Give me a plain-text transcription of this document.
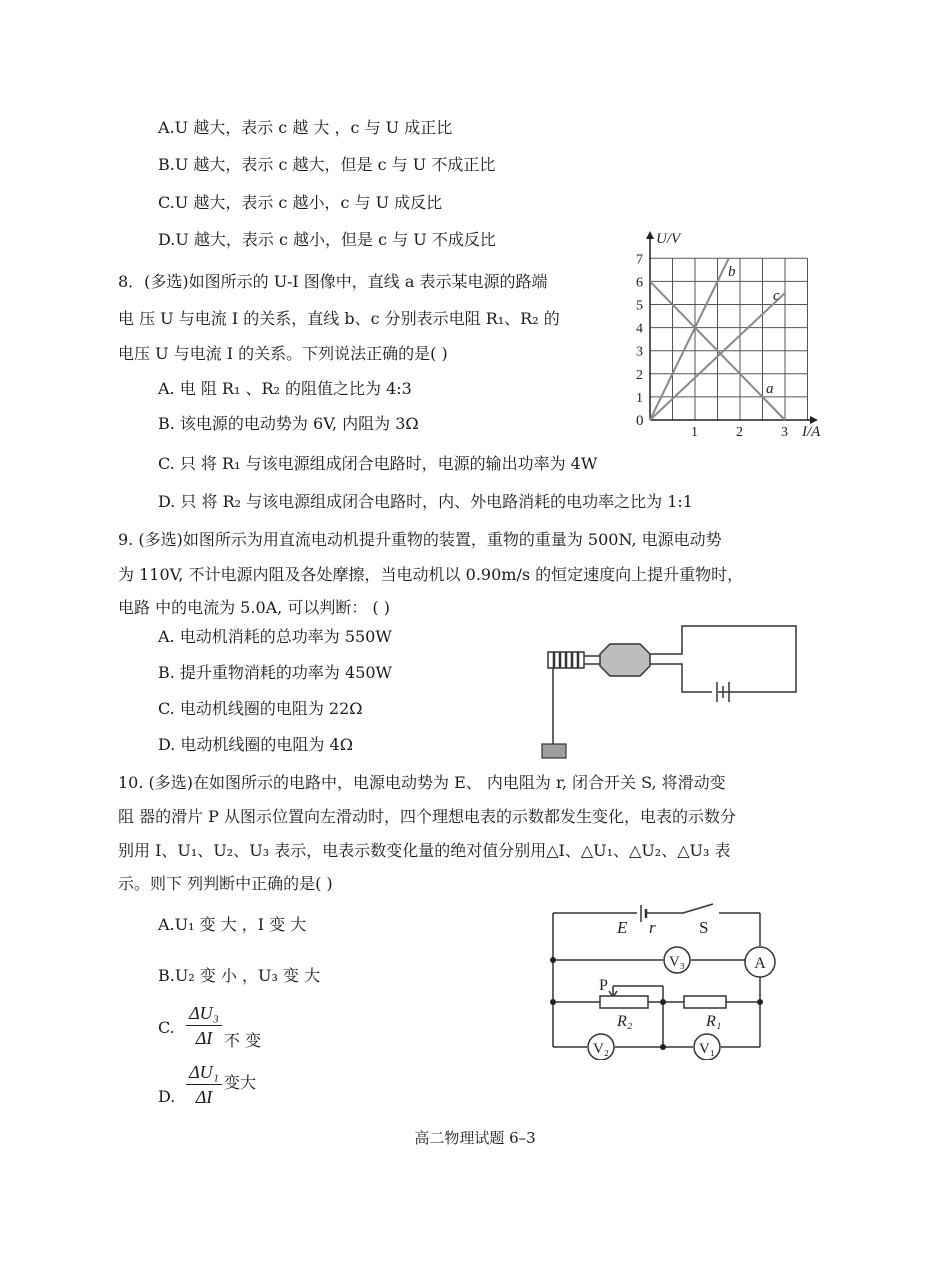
A.U 越大，表示 c 越 大 ，c 与 U 成正比
B.U 越大，表示 c 越大，但是 c 与 U 不成正比
C.U 越大，表示 c 越小，c 与 U 成反比
D.U 越大，表示 c 越小，但是 c 与 U 不成反比
8．(多选)如图所示的 U-I 图像中，直线 a 表示某电源的路端
电 压 U 与电流 I 的关系，直线 b、c 分别表示电阻 R₁、R₂ 的
电压 U 与电流 I 的关系。下列说法正确的是( )
A. 电 阻 R₁ 、R₂ 的阻值之比为 4:3
B. 该电源的电动势为 6V, 内阻为 3Ω
C. 只 将 R₁ 与该电源组成闭合电路时，电源的输出功率为 4W
D. 只 将 R₂ 与该电源组成闭合电路时，内、外电路消耗的电功率之比为 1:1
U/V
I/A
0
1
2
3
4
5
6
7
1	2	3
a
b
c
9. (多选)如图所示为用直流电动机提升重物的装置，重物的重量为 500N, 电源电动势
为 110V, 不计电源内阻及各处摩擦，当电动机以 0.90m/s 的恒定速度向上提升重物时，
电路 中的电流为 5.0A, 可以判断： ( )
A. 电动机消耗的总功率为 550W
B. 提升重物消耗的功率为 450W
C. 电动机线圈的电阻为 22Ω
D. 电动机线圈的电阻为 4Ω
10. (多选)在如图所示的电路中，电源电动势为 E、 内电阻为 r, 闭合开关 S, 将滑动变
阻 器的滑片 P 从图示位置向左滑动时，四个理想电表的示数都发生变化，电表的示数分
别用 I、U₁、U₂、U₃ 表示，电表示数变化量的绝对值分别用△I、△U₁、△U₂、△U₃ 表
示。则下 列判断中正确的是( )
A.U₁ 变 大 ，I 变 大
B.U₂ 变 小 ，U₃ 变 大
C.
ΔU₃
ΔI 不 变
D.
ΔU₁
ΔI
变大
E r	S
P
R₂	R₁
V₃	A
V₂	V₁
高二物理试题 6–3
